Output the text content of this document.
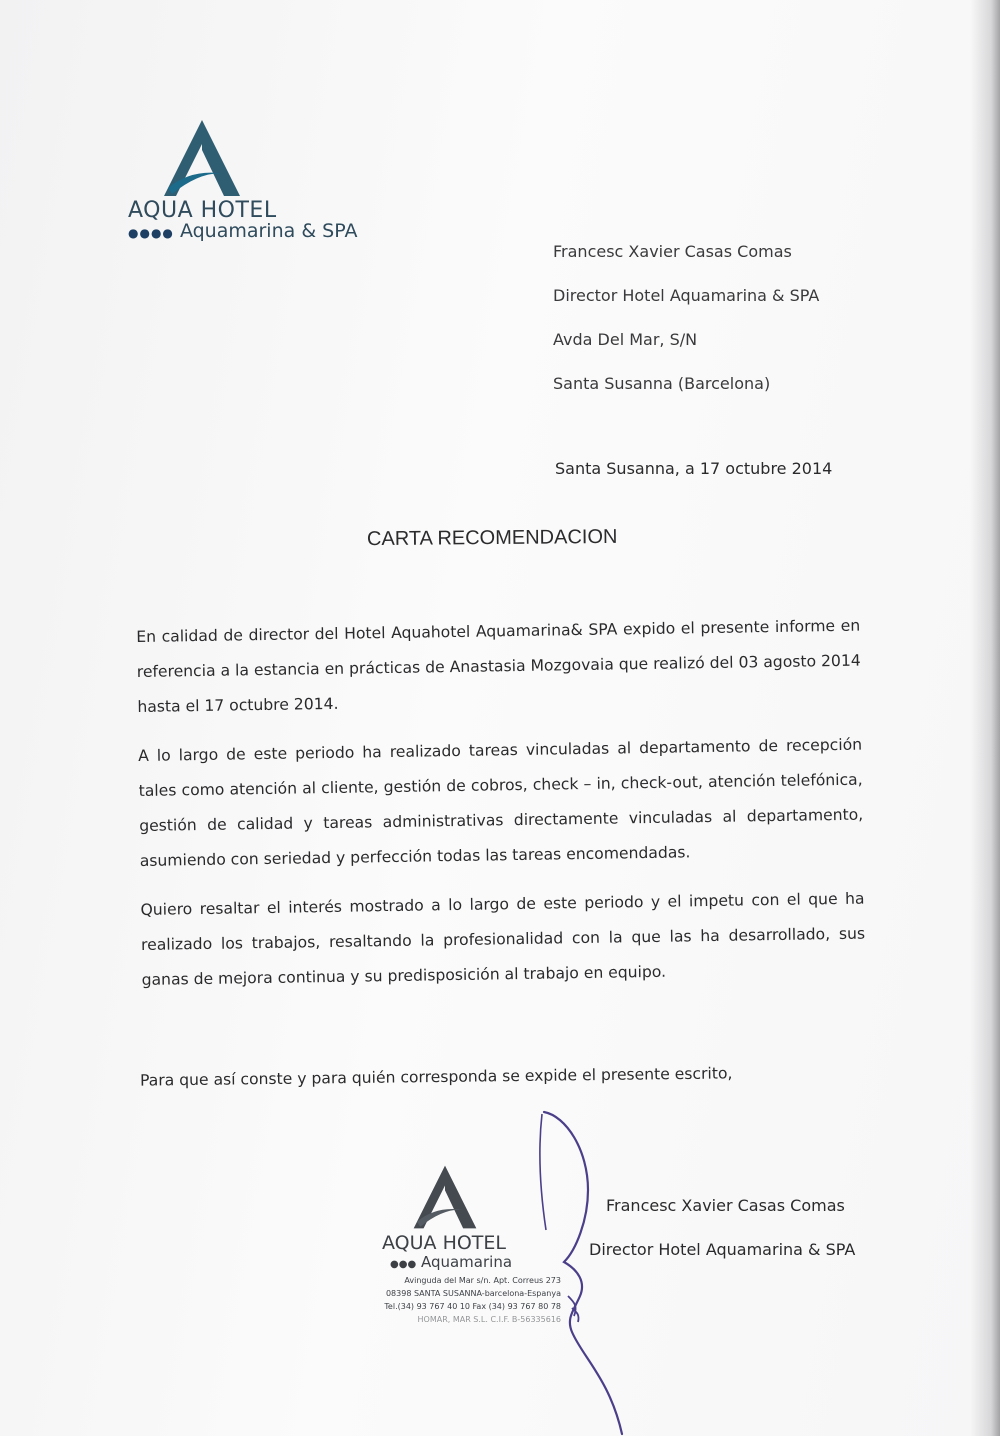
AQUA HOTEL
●●●● Aquamarina & SPA
Francesc Xavier Casas Comas
Director Hotel Aquamarina & SPA
Avda Del Mar, S/N
Santa Susanna (Barcelona)
Santa Susanna, a 17 octubre 2014
CARTA RECOMENDACION

En calidad de director del Hotel Aquahotel Aquamarina& SPA expido el presente informe en referencia a la estancia en prácticas de Anastasia Mozgovaia que realizó del 03 agosto 2014 hasta el 17 octubre 2014.

A lo largo de este periodo ha realizado tareas vinculadas al departamento de recepción tales como atención al cliente, gestión de cobros, check – in, check-out, atención telefónica, gestión de calidad y tareas administrativas directamente vinculadas al departamento, asumiendo con seriedad y perfección todas las tareas encomendadas.

Quiero resaltar el interés mostrado a lo largo de este periodo y el impetu con el que ha realizado los trabajos, resaltando la profesionalidad con la que las ha desarrollado, sus ganas de mejora continua y su predisposición al trabajo en equipo.

Para que así conste y para quién corresponda se expide el presente escrito,
AQUA HOTEL
●●● Aquamarina
Avinguda del Mar s/n. Apt. Correus 273
08398 SANTA SUSANNA-barcelona-Espanya
Tel.(34) 93 767 40 10 Fax (34) 93 767 80 78
HOMAR, MAR S.L. C.I.F. B-56335616
Francesc Xavier Casas Comas
Director Hotel Aquamarina & SPA
